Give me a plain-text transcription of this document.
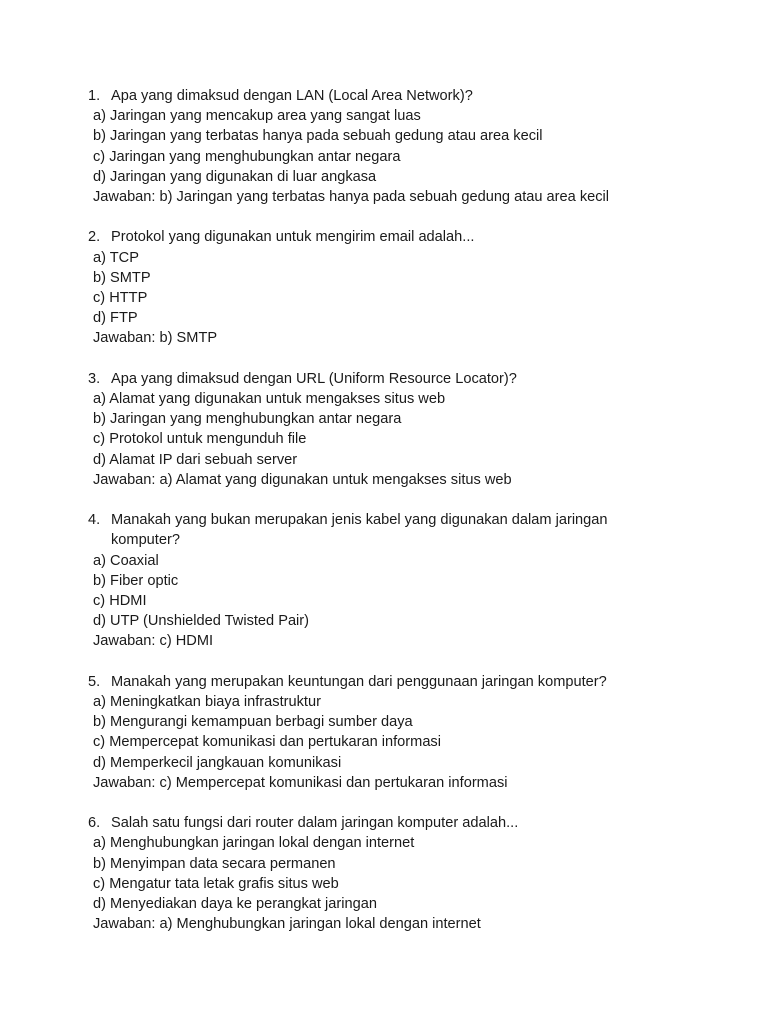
1. Apa yang dimaksud dengan LAN (Local Area Network)?
a) Jaringan yang mencakup area yang sangat luas
b) Jaringan yang terbatas hanya pada sebuah gedung atau area kecil
c) Jaringan yang menghubungkan antar negara
d) Jaringan yang digunakan di luar angkasa
Jawaban: b) Jaringan yang terbatas hanya pada sebuah gedung atau area kecil
2. Protokol yang digunakan untuk mengirim email adalah...
a) TCP
b) SMTP
c) HTTP
d) FTP
Jawaban: b) SMTP
3. Apa yang dimaksud dengan URL (Uniform Resource Locator)?
a) Alamat yang digunakan untuk mengakses situs web
b) Jaringan yang menghubungkan antar negara
c) Protokol untuk mengunduh file
d) Alamat IP dari sebuah server
Jawaban: a) Alamat yang digunakan untuk mengakses situs web
4. Manakah yang bukan merupakan jenis kabel yang digunakan dalam jaringan komputer?
a) Coaxial
b) Fiber optic
c) HDMI
d) UTP (Unshielded Twisted Pair)
Jawaban: c) HDMI
5. Manakah yang merupakan keuntungan dari penggunaan jaringan komputer?
a) Meningkatkan biaya infrastruktur
b) Mengurangi kemampuan berbagi sumber daya
c) Mempercepat komunikasi dan pertukaran informasi
d) Memperkecil jangkauan komunikasi
Jawaban: c) Mempercepat komunikasi dan pertukaran informasi
6. Salah satu fungsi dari router dalam jaringan komputer adalah...
a) Menghubungkan jaringan lokal dengan internet
b) Menyimpan data secara permanen
c) Mengatur tata letak grafis situs web
d) Menyediakan daya ke perangkat jaringan
Jawaban: a) Menghubungkan jaringan lokal dengan internet
